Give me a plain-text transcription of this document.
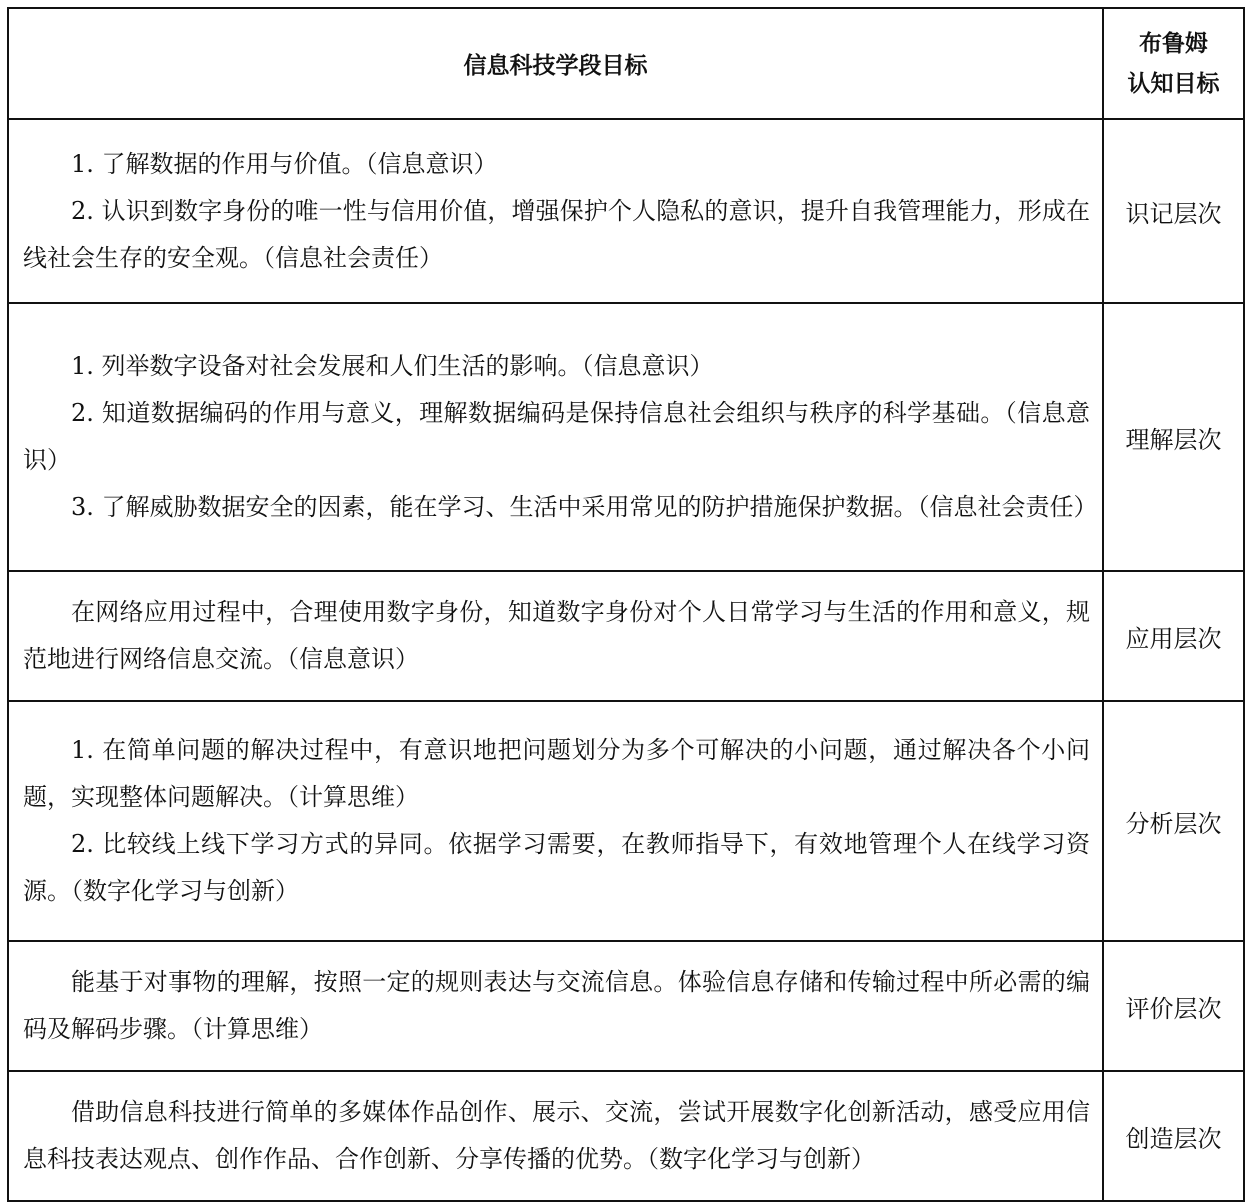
信息科技学段目标	布鲁姆
认知目标

1. 了解数据的作用与价值。（信息意识）

2. 认识到数字身份的唯一性与信用价值，增强保护个人隐私的意识，提升自我管理能力，形成在线社会生存的安全观。（信息社会责任）	识记层次

1. 列举数字设备对社会发展和人们生活的影响。（信息意识）

2. 知道数据编码的作用与意义，理解数据编码是保持信息社会组织与秩序的科学基础。（信息意识）

3. 了解威胁数据安全的因素，能在学习、生活中采用常见的防护措施保护数据。（信息社会责任）	理解层次

在网络应用过程中，合理使用数字身份，知道数字身份对个人日常学习与生活的作用和意义，规范地进行网络信息交流。（信息意识）	应用层次

1. 在简单问题的解决过程中，有意识地把问题划分为多个可解决的小问题，通过解决各个小问题，实现整体问题解决。（计算思维）

2. 比较线上线下学习方式的异同。依据学习需要，在教师指导下，有效地管理个人在线学习资源。（数字化学习与创新）	分析层次

能基于对事物的理解，按照一定的规则表达与交流信息。体验信息存储和传输过程中所必需的编码及解码步骤。（计算思维）	评价层次

借助信息科技进行简单的多媒体作品创作、展示、交流，尝试开展数字化创新活动，感受应用信息科技表达观点、创作作品、合作创新、分享传播的优势。（数字化学习与创新）	创造层次
